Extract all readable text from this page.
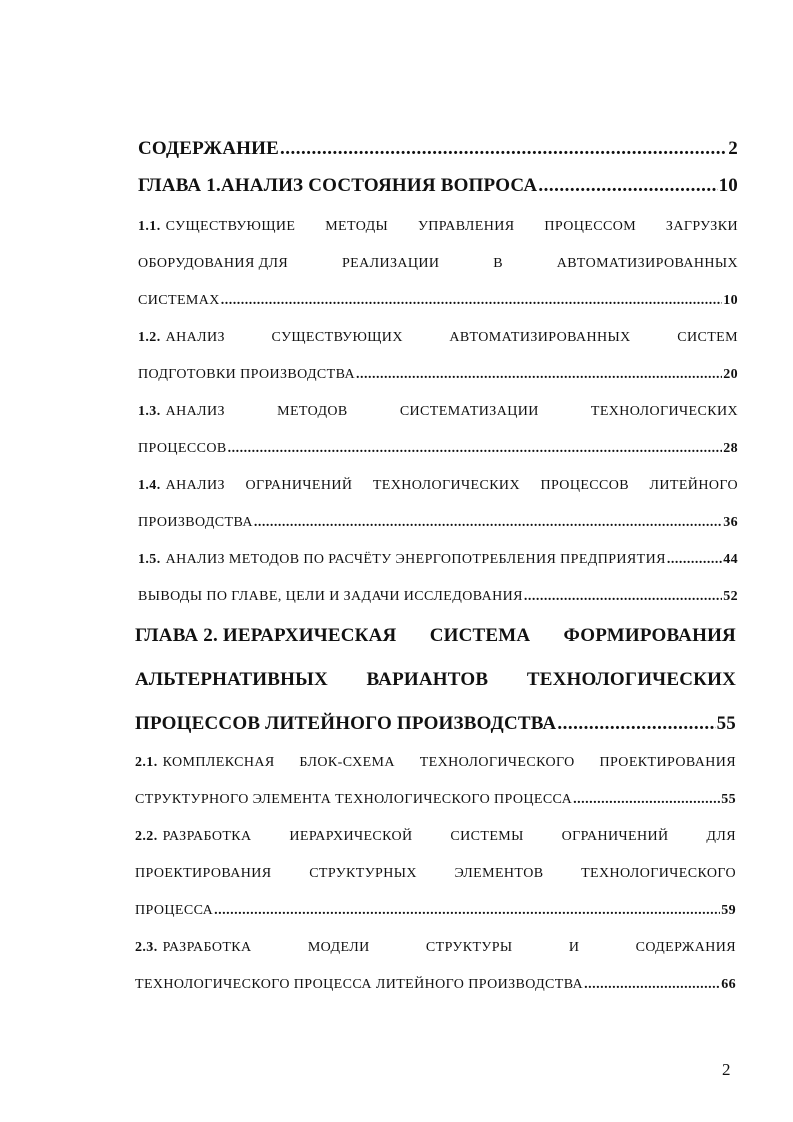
СОДЕРЖАНИЕ .....	2
ГЛАВА 1.АНАЛИЗ СОСТОЯНИЯ ВОПРОСА .....	10
1.1. СУЩЕСТВУЮЩИЕ МЕТОДЫ УПРАВЛЕНИЯ ПРОЦЕССОМ ЗАГРУЗКИ
ОБОРУДОВАНИЯ ДЛЯ	РЕАЛИЗАЦИИ	В	АВТОМАТИЗИРОВАННЫХ
СИСТЕМАХ .....	10
1.2. АНАЛИЗ	СУЩЕСТВУЮЩИХ	АВТОМАТИЗИРОВАННЫХ	СИСТЕМ
ПОДГОТОВКИ ПРОИЗВОДСТВА .....	20
1.3. АНАЛИЗ	МЕТОДОВ	СИСТЕМАТИЗАЦИИ	ТЕХНОЛОГИЧЕСКИХ
ПРОЦЕССОВ .....	28
1.4. АНАЛИЗ ОГРАНИЧЕНИЙ ТЕХНОЛОГИЧЕСКИХ ПРОЦЕССОВ ЛИТЕЙНОГО
ПРОИЗВОДСТВА .....	36
1.5. АНАЛИЗ МЕТОДОВ ПО РАСЧЁТУ ЭНЕРГОПОТРЕБЛЕНИЯ ПРЕДПРИЯТИЯ .....	44
ВЫВОДЫ ПО ГЛАВЕ, ЦЕЛИ И ЗАДАЧИ ИССЛЕДОВАНИЯ .....	52
ГЛАВА 2. ИЕРАРХИЧЕСКАЯ СИСТЕМА ФОРМИРОВАНИЯ
АЛЬТЕРНАТИВНЫХ ВАРИАНТОВ ТЕХНОЛОГИЧЕСКИХ
ПРОЦЕССОВ ЛИТЕЙНОГО ПРОИЗВОДСТВА .....	55
2.1. КОМПЛЕКСНАЯ БЛОК-СХЕМА ТЕХНОЛОГИЧЕСКОГО ПРОЕКТИРОВАНИЯ
СТРУКТУРНОГО ЭЛЕМЕНТА ТЕХНОЛОГИЧЕСКОГО ПРОЦЕССА .....	55
2.2. РАЗРАБОТКА	ИЕРАРХИЧЕСКОЙ	СИСТЕМЫ	ОГРАНИЧЕНИЙ	ДЛЯ
ПРОЕКТИРОВАНИЯ	СТРУКТУРНЫХ	ЭЛЕМЕНТОВ	ТЕХНОЛОГИЧЕСКОГО
ПРОЦЕССА .....	59
2.3. РАЗРАБОТКА	МОДЕЛИ	СТРУКТУРЫ	И	СОДЕРЖАНИЯ
ТЕХНОЛОГИЧЕСКОГО ПРОЦЕССА ЛИТЕЙНОГО ПРОИЗВОДСТВА .....	66
2
